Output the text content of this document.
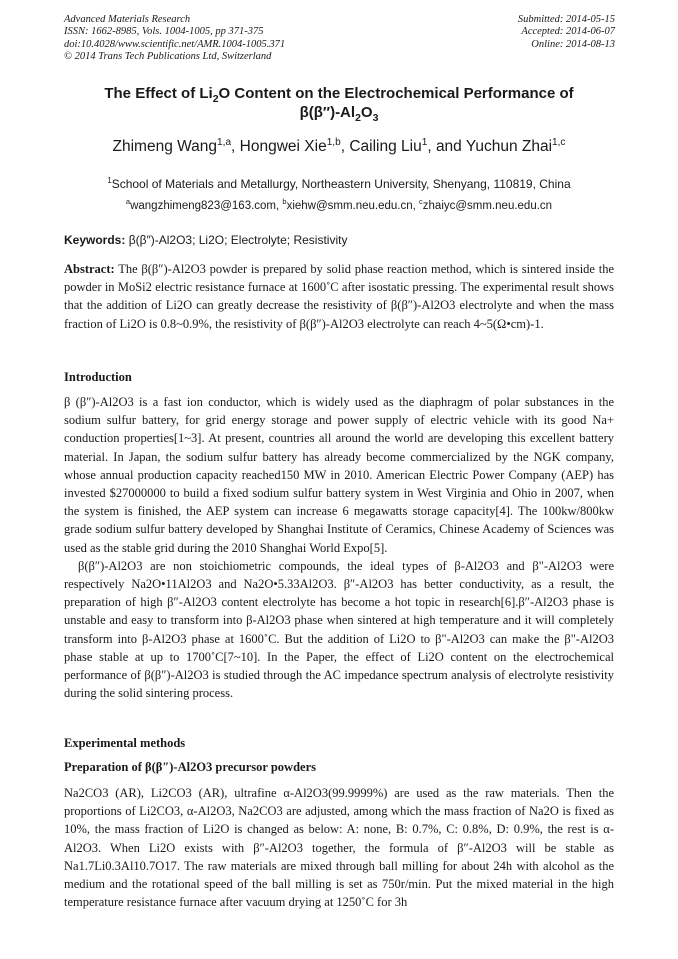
Advanced Materials Research
ISSN: 1662-8985, Vols. 1004-1005, pp 371-375
doi:10.4028/www.scientific.net/AMR.1004-1005.371
© 2014 Trans Tech Publications Ltd, Switzerland
Submitted: 2014-05-15
Accepted: 2014-06-07
Online: 2014-08-13
The Effect of $Li_2O$ Content on the Electrochemical Performance of
$\beta(\beta'')-Al_2O_3$
Zhimeng Wang$^{1,a}$, Hongwei Xie$^{1,b}$, Cailing Liu$^1$, and Yuchun Zhai$^{1,c}$
$^1$School of Materials and Metallurgy, Northeastern University, Shenyang, 110819, China
$^a$wangzhimeng823@163.com, $^b$xiehw@smm.neu.edu.cn, $^c$zhaiyc@smm.neu.edu.cn
Keywords: β(β″)-Al2O3; Li2O; Electrolyte; Resistivity

Abstract: The β(β″)-Al2O3 powder is prepared by solid phase reaction method, which is sintered inside the powder in MoSi2 electric resistance furnace at 1600˚C after isostatic pressing. The experimental result shows that the addition of Li2O can greatly decrease the resistivity of β(β″)-Al2O3 electrolyte and when the mass fraction of Li2O is 0.8~0.9%, the resistivity of β(β″)-Al2O3 electrolyte can reach 4~5(Ω•cm)-1.

Introduction

β (β″)-Al2O3 is a fast ion conductor, which is widely used as the diaphragm of polar substances in the sodium sulfur battery, for grid energy storage and power supply of electric vehicle with its good Na+ conduction properties[1~3]. At present, countries all around the world are developing this excellent battery material. In Japan, the sodium sulfur battery has already become commercialized by the NGK company, whose annual production capacity reached150 MW in 2010. American Electric Power Company (AEP) has invested $27000000 to build a fixed sodium sulfur battery system in West Virginia and Ohio in 2007, when the system is finished, the AEP system can increase 6 megawatts storage capacity[4]. The 100kw/800kw grade sodium sulfur battery developed by Shanghai Institute of Ceramics, Chinese Academy of Sciences was used as the stable grid during the 2010 Shanghai World Expo[5].

β(β″)-Al2O3 are non stoichiometric compounds, the ideal types of β-Al2O3 and β"-Al2O3 were respectively Na2O•11Al2O3 and Na2O•5.33Al2O3. β″-Al2O3 has better conductivity, as a result, the preparation of high β″-Al2O3 content electrolyte has become a hot topic in research[6].β″-Al2O3 phase is unstable and easy to transform into β-Al2O3 phase when sintered at high temperature and it will completely transform into β-Al2O3 phase at 1600˚C. But the addition of Li2O to β"-Al2O3 can make the β"-Al2O3 phase stable at up to 1700˚C[7~10]. In the Paper, the effect of Li2O content on the electrochemical performance of β(β″)-Al2O3 is studied through the AC impedance spectrum analysis of electrolyte resistivity during the solid sintering process.

Experimental methods
Preparation of β(β″)-Al2O3 precursor powders

Na2CO3 (AR), Li2CO3 (AR), ultrafine α-Al2O3(99.9999%) are used as the raw materials. Then the proportions of Li2CO3, α-Al2O3, Na2CO3 are adjusted, among which the mass fraction of Na2O is fixed as 10%, the mass fraction of Li2O is changed as below: A: none, B: 0.7%, C: 0.8%, D: 0.9%, the rest is α-Al2O3. When Li2O exists with β″-Al2O3 together, the formula of β″-Al2O3 will be stable as Na1.7Li0.3Al10.7O17. The raw materials are mixed through ball milling for about 24h with alcohol as the medium and the rotational speed of the ball milling is set as 750r/min. Put the mixed material in the high temperature resistance furnace after vacuum drying at 1250˚C for 3h
